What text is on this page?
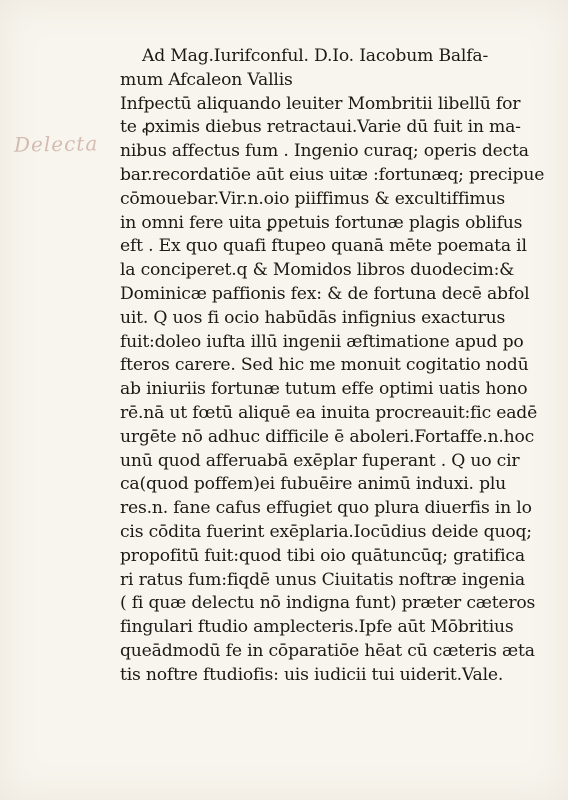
Delecta
Ad Mag.Iurifconful. D.Io. Iacobum Balfa-
mum Afcaleon Vallis
Infpectū aliquando leuiter Mombritii libellū for
te ꝓximis diebus retractaui.Varie dū fuit in ma-
nibus affectus fum . Ingenio curaq; operis decta
bar.recordatiōe aūt eius uitæ :fortunæq; precipue
cōmouebar.Vir.n.oio piiffimus & excultiffimus
in omni fere uita ꝑpetuis fortunæ plagis oblifus
eft . Ex quo quafi ftupeo quanā mēte poemata il
la conciperet.q & Momidos libros duodecim:&
Dominicæ paffionis fex: & de fortuna decē abfol
uit. Q uos fi ocio habūdās infignius exacturus
fuit:doleo iufta illū ingenii æftimatione apud po
fteros carere. Sed hic me monuit cogitatio nodū
ab iniuriis fortunæ tutum effe optimi uatis hono
rē.nā ut fœtū aliquē ea inuita procreauit:fic eadē
urgēte nō adhuc difficile ē aboleri.Fortaffe.n.hoc
unū quod afferuabā exēplar fuperant . Q uo cir
ca(quod poffem)ei fubuēire animū induxi. plu
res.n. fane cafus effugiet quo plura diuerfis in lo
cis cōdita fuerint exēplaria.Iocūdius deide quoq;
propofitū fuit:quod tibi oio quātuncūq; gratifica
ri ratus fum:fiqdē unus Ciuitatis noftræ ingenia
( fi quæ delectu nō indigna funt) præter cæteros
fingulari ftudio amplecteris.Ipfe aūt Mōbritius
queādmodū fe in cōparatiōe hēat cū cæteris æta
tis noftre ftudiofis: uis iudicii tui uiderit.Vale.
